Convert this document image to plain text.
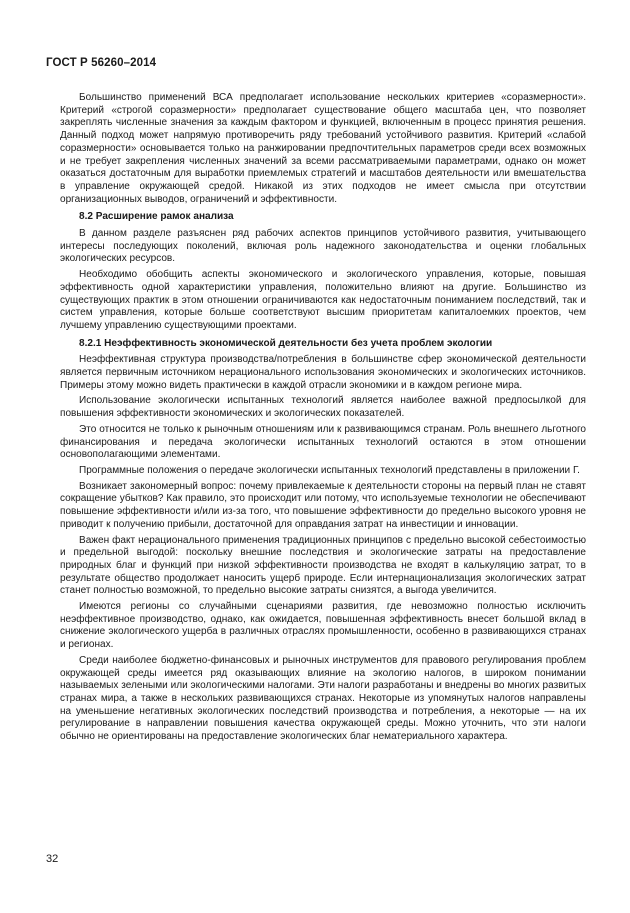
ГОСТ Р 56260–2014

Большинство применений ВСА предполагает использование нескольких критериев «соразмерности». Критерий «строгой соразмерности» предполагает существование общего масштаба цен, что позволяет закреплять численные значения за каждым фактором и функцией, включенным в процесс принятия решения. Данный подход может напрямую противоречить ряду требований устойчивого развития. Критерий «слабой соразмерности» основывается только на ранжировании предпочтительных параметров среди всех возможных и не требует закрепления численных значений за всеми рассматриваемыми параметрами, однако он может оказаться достаточным для выработки приемлемых стратегий и масштабов деятельности или вмешательства в управление окружающей средой. Никакой из этих подходов не имеет смысла при отсутствии организационных выводов, ограничений и эффективности.

8.2 Расширение рамок анализа

В данном разделе разъяснен ряд рабочих аспектов принципов устойчивого развития, учитывающего интересы последующих поколений, включая роль надежного законодательства и оценки глобальных экологических ресурсов.

Необходимо обобщить аспекты экономического и экологического управления, которые, повышая эффективность одной характеристики управления, положительно влияют на другие. Большинство из существующих практик в этом отношении ограничиваются как недостаточным пониманием последствий, так и систем управления, которые больше соответствуют высшим приоритетам капиталоемких проектов, чем лучшему управлению существующими проектами.

8.2.1 Неэффективность экономической деятельности без учета проблем экологии

Неэффективная структура производства/потребления в большинстве сфер экономической деятельности является первичным источником нерационального использования экономических и экологических источников. Примеры этому можно видеть практически в каждой отрасли экономики и в каждом регионе мира.

Использование экологически испытанных технологий является наиболее важной предпосылкой для повышения эффективности экономических и экологических показателей.

Это относится не только к рыночным отношениям или к развивающимся странам. Роль внешнего льготного финансирования и передача экологически испытанных технологий остаются в этом отношении основополагающими элементами.

Программные положения о передаче экологически испытанных технологий представлены в приложении Г.

Возникает закономерный вопрос: почему привлекаемые к деятельности стороны на первый план не ставят сокращение убытков? Как правило, это происходит или потому, что используемые технологии не обеспечивают повышение эффективности и/или из-за того, что повышение эффективности до предельно высокого уровня не приводит к получению прибыли, достаточной для оправдания затрат на инвестиции и инновации.

Важен факт нерационального применения традиционных принципов с предельно высокой себестоимостью и предельной выгодой: поскольку внешние последствия и экологические затраты на предоставление природных благ и функций при низкой эффективности производства не входят в калькуляцию затрат, то в результате общество продолжает наносить ущерб природе. Если интернационализация экологических затрат станет полностью возможной, то предельно высокие затраты снизятся, а выгода увеличится.

Имеются регионы со случайными сценариями развития, где невозможно полностью исключить неэффективное производство, однако, как ожидается, повышенная эффективность внесет большой вклад в снижение экологического ущерба в различных отраслях промышленности, особенно в развивающихся странах и регионах.

Среди наиболее бюджетно-финансовых и рыночных инструментов для правового регулирования проблем окружающей среды имеется ряд оказывающих влияние на экологию налогов, в широком понимании называемых зелеными или экологическими налогами. Эти налоги разработаны и внедрены во многих развитых странах мира, а также в нескольких развивающихся странах. Некоторые из упомянутых налогов направлены на уменьшение негативных экологических последствий производства и потребления, а некоторые — на их регулирование в направлении повышения качества окружающей среды. Можно уточнить, что эти налоги обычно не ориентированы на предоставление экологических благ нематериального характера.

32
